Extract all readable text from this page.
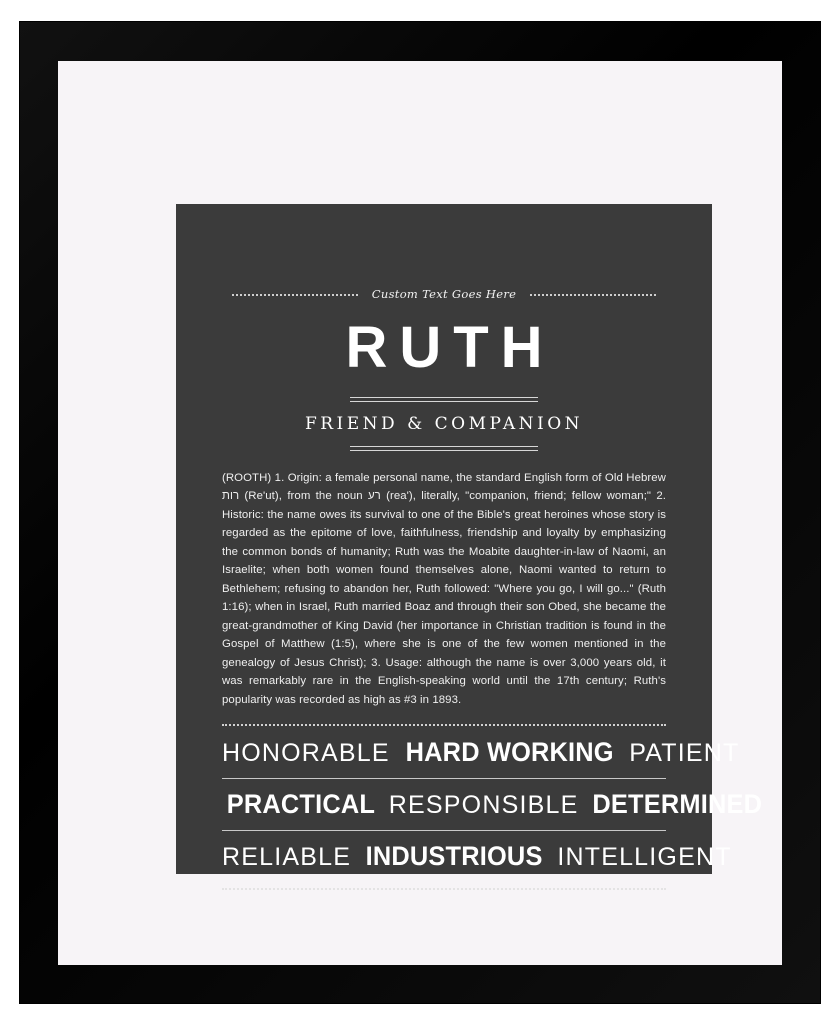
Custom Text Goes Here
RUTH
FRIEND & COMPANION
(ROOTH) 1. Origin: a female personal name, the standard English form of Old Hebrew רות (Re'ut), from the noun רע (rea'), literally, "companion, friend; fellow woman;" 2. Historic: the name owes its survival to one of the Bible's great heroines whose story is regarded as the epitome of love, faithfulness, friendship and loyalty by emphasizing the common bonds of humanity; Ruth was the Moabite daughter-in-law of Naomi, an Israelite; when both women found themselves alone, Naomi wanted to return to Bethlehem; refusing to abandon her, Ruth followed: "Where you go, I will go..." (Ruth 1:16); when in Israel, Ruth married Boaz and through their son Obed, she became the great-grandmother of King David (her importance in Christian tradition is found in the Gospel of Matthew (1:5), where she is one of the few women mentioned in the genealogy of Jesus Christ); 3. Usage: although the name is over 3,000 years old, it was remarkably rare in the English-speaking world until the 17th century; Ruth's popularity was recorded as high as #3 in 1893.
HONORABLE HARD WORKING PATIENT
PRACTICAL RESPONSIBLE DETERMINED
RELIABLE INDUSTRIOUS INTELLIGENT
